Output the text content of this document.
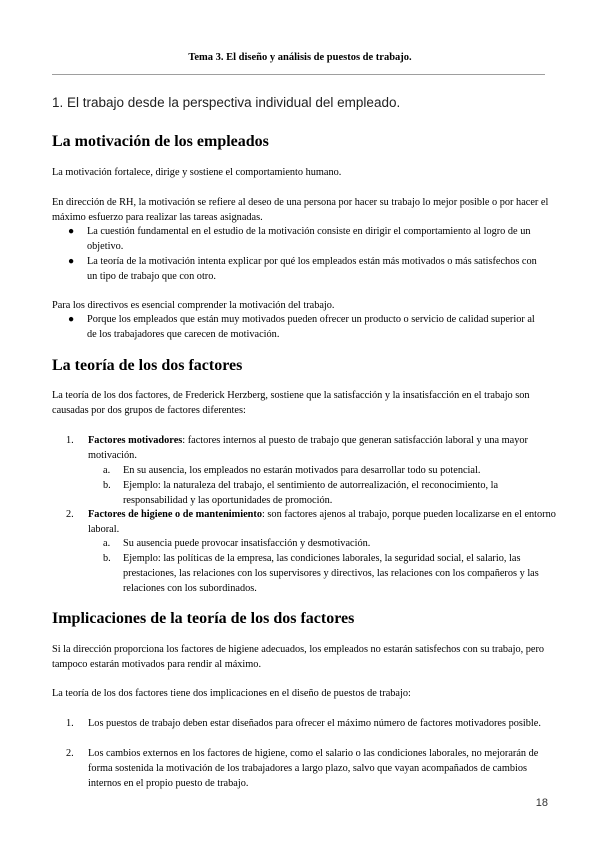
Tema 3. El diseño y análisis de puestos de trabajo.
1. El trabajo desde la perspectiva individual del empleado.
La motivación de los empleados
La motivación fortalece, dirige y sostiene el comportamiento humano.
En dirección de RH, la motivación se refiere al deseo de una persona por hacer su trabajo lo mejor posible o por hacer el máximo esfuerzo para realizar las tareas asignadas.
● La cuestión fundamental en el estudio de la motivación consiste en dirigir el comportamiento al logro de un objetivo.
● La teoría de la motivación intenta explicar por qué los empleados están más motivados o más satisfechos con un tipo de trabajo que con otro.
Para los directivos es esencial comprender la motivación del trabajo.
● Porque los empleados que están muy motivados pueden ofrecer un producto o servicio de calidad superior al de los trabajadores que carecen de motivación.
La teoría de los dos factores
La teoría de los dos factores, de Frederick Herzberg, sostiene que la satisfacción y la insatisfacción en el trabajo son causadas por dos grupos de factores diferentes:
1. Factores motivadores: factores internos al puesto de trabajo que generan satisfacción laboral y una mayor motivación.
a. En su ausencia, los empleados no estarán motivados para desarrollar todo su potencial.
b. Ejemplo: la naturaleza del trabajo, el sentimiento de autorrealización, el reconocimiento, la responsabilidad y las oportunidades de promoción.
2. Factores de higiene o de mantenimiento: son factores ajenos al trabajo, porque pueden localizarse en el entorno laboral.
a. Su ausencia puede provocar insatisfacción y desmotivación.
b. Ejemplo: las políticas de la empresa, las condiciones laborales, la seguridad social, el salario, las prestaciones, las relaciones con los supervisores y directivos, las relaciones con los compañeros y las relaciones con los subordinados.
Implicaciones de la teoría de los dos factores
Si la dirección proporciona los factores de higiene adecuados, los empleados no estarán satisfechos con su trabajo, pero tampoco estarán motivados para rendir al máximo.
La teoría de los dos factores tiene dos implicaciones en el diseño de puestos de trabajo:
1. Los puestos de trabajo deben estar diseñados para ofrecer el máximo número de factores motivadores posible.
2. Los cambios externos en los factores de higiene, como el salario o las condiciones laborales, no mejorarán de forma sostenida la motivación de los trabajadores a largo plazo, salvo que vayan acompañados de cambios internos en el propio puesto de trabajo.
18
